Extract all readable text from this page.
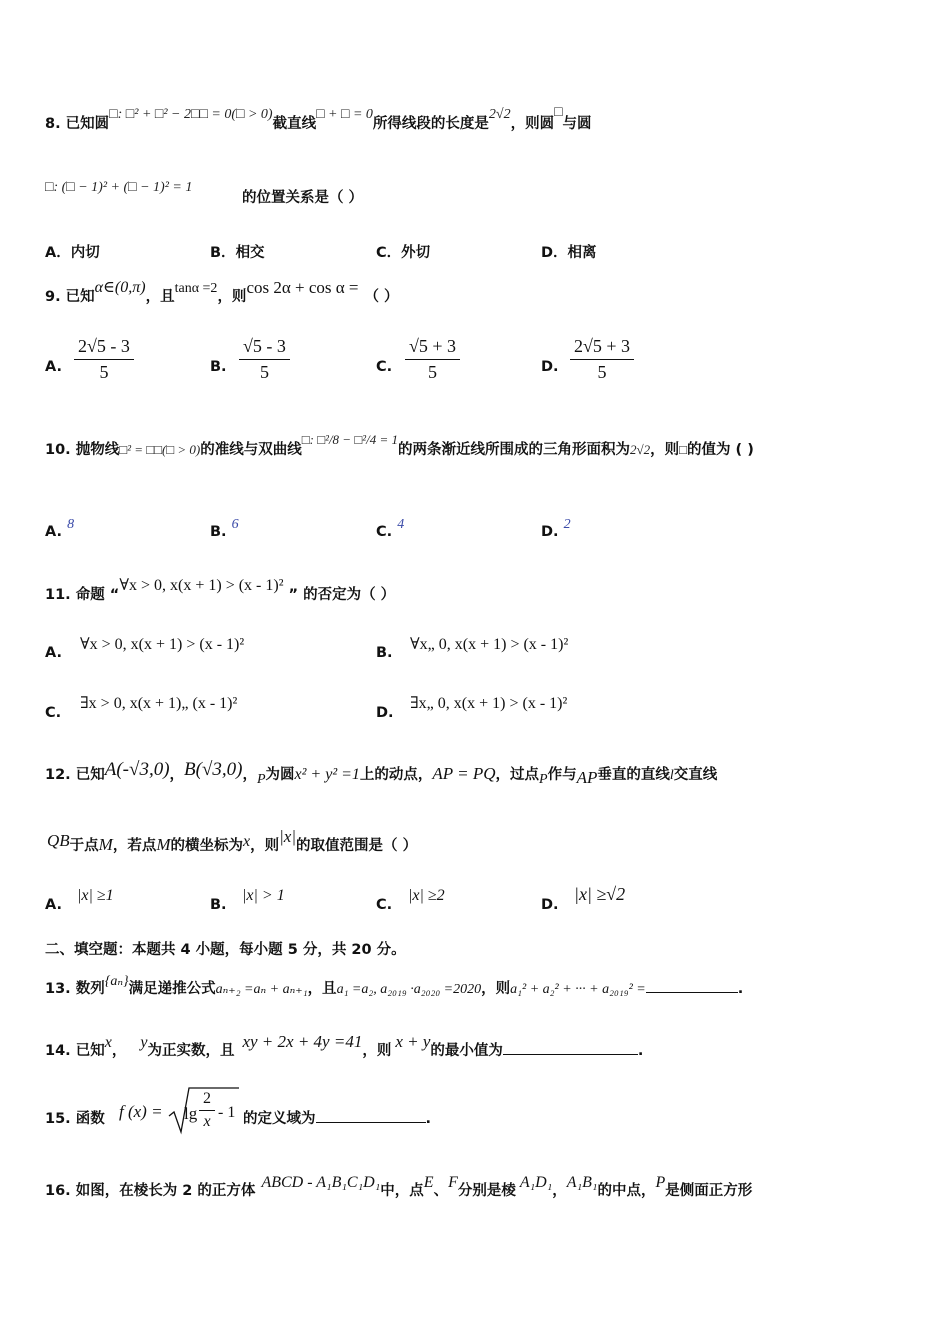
8. 已知圆□: □² + □² − 2□□ = 0(□ > 0)截直线□ + □ = 0所得线段的长度是2√2，则圆□与圆
□: (□ − 1)² + (□ − 1)² = 1
的位置关系是（ ）
A．内切	B．相交	C．外切	D．相离
9. 已知α∈(0,π)，且tanα =2，则cos 2α + cos α = （ ）
A. $\frac{2√5 - 3}{5}$	B. $\frac{√5 - 3}{5}$	C. $\frac{√5 + 3}{5}$	D. $\frac{2√5 + 3}{5}$
10. 抛物线□² = □□(□ > 0)的准线与双曲线□: □²/8 − □²/4 = 1的两条渐近线所围成的三角形面积为2√2，则□的值为 ( )
A. 8	B. 6	C. 4	D. 2
11. 命题 “∀x > 0, x(x + 1) > (x - 1)² ” 的否定为（ ）
A. ∀x > 0, x(x + 1) > (x - 1)²	B. ∀x„ 0, x(x + 1) > (x - 1)²
C.
∃x > 0, x(x + 1)„ (x - 1)²
D.
∃x„ 0, x(x + 1) > (x - 1)²
12. 已知A(-√3,0)，B(√3,0)，P为圆x² + y² =1上的动点，AP = PQ，过点P作与AP垂直的直线l交直线
QB于点M，若点M的横坐标为x，则|x|的取值范围是（ ）
A.
|x| ≥1
B.
|x| > 1
C.
|x| ≥2
D.
|x| ≥√2
二、填空题：本题共 4 小题，每小题 5 分，共 20 分。
13. 数列{aₙ}满足递推公式aₙ₊₂ =aₙ + aₙ₊₁，且a₁ =a₂, a₂₀₁₉ ·a₂₀₂₀ =2020，则a₁² + a₂² + ··· + a₂₀₁₉² =	.
14. 已知x， y为正实数，且 xy + 2x + 4y =41，则 x + y的最小值为	.
15. 函数 f $(x) = \lg \frac{2}{x} - 1$ 的定义域为	.
16. 如图，在棱长为 2 的正方体 ABCD - A₁B₁C₁D₁中，点E、F分别是棱 A₁D₁，A₁B₁的中点，P是侧面正方形
